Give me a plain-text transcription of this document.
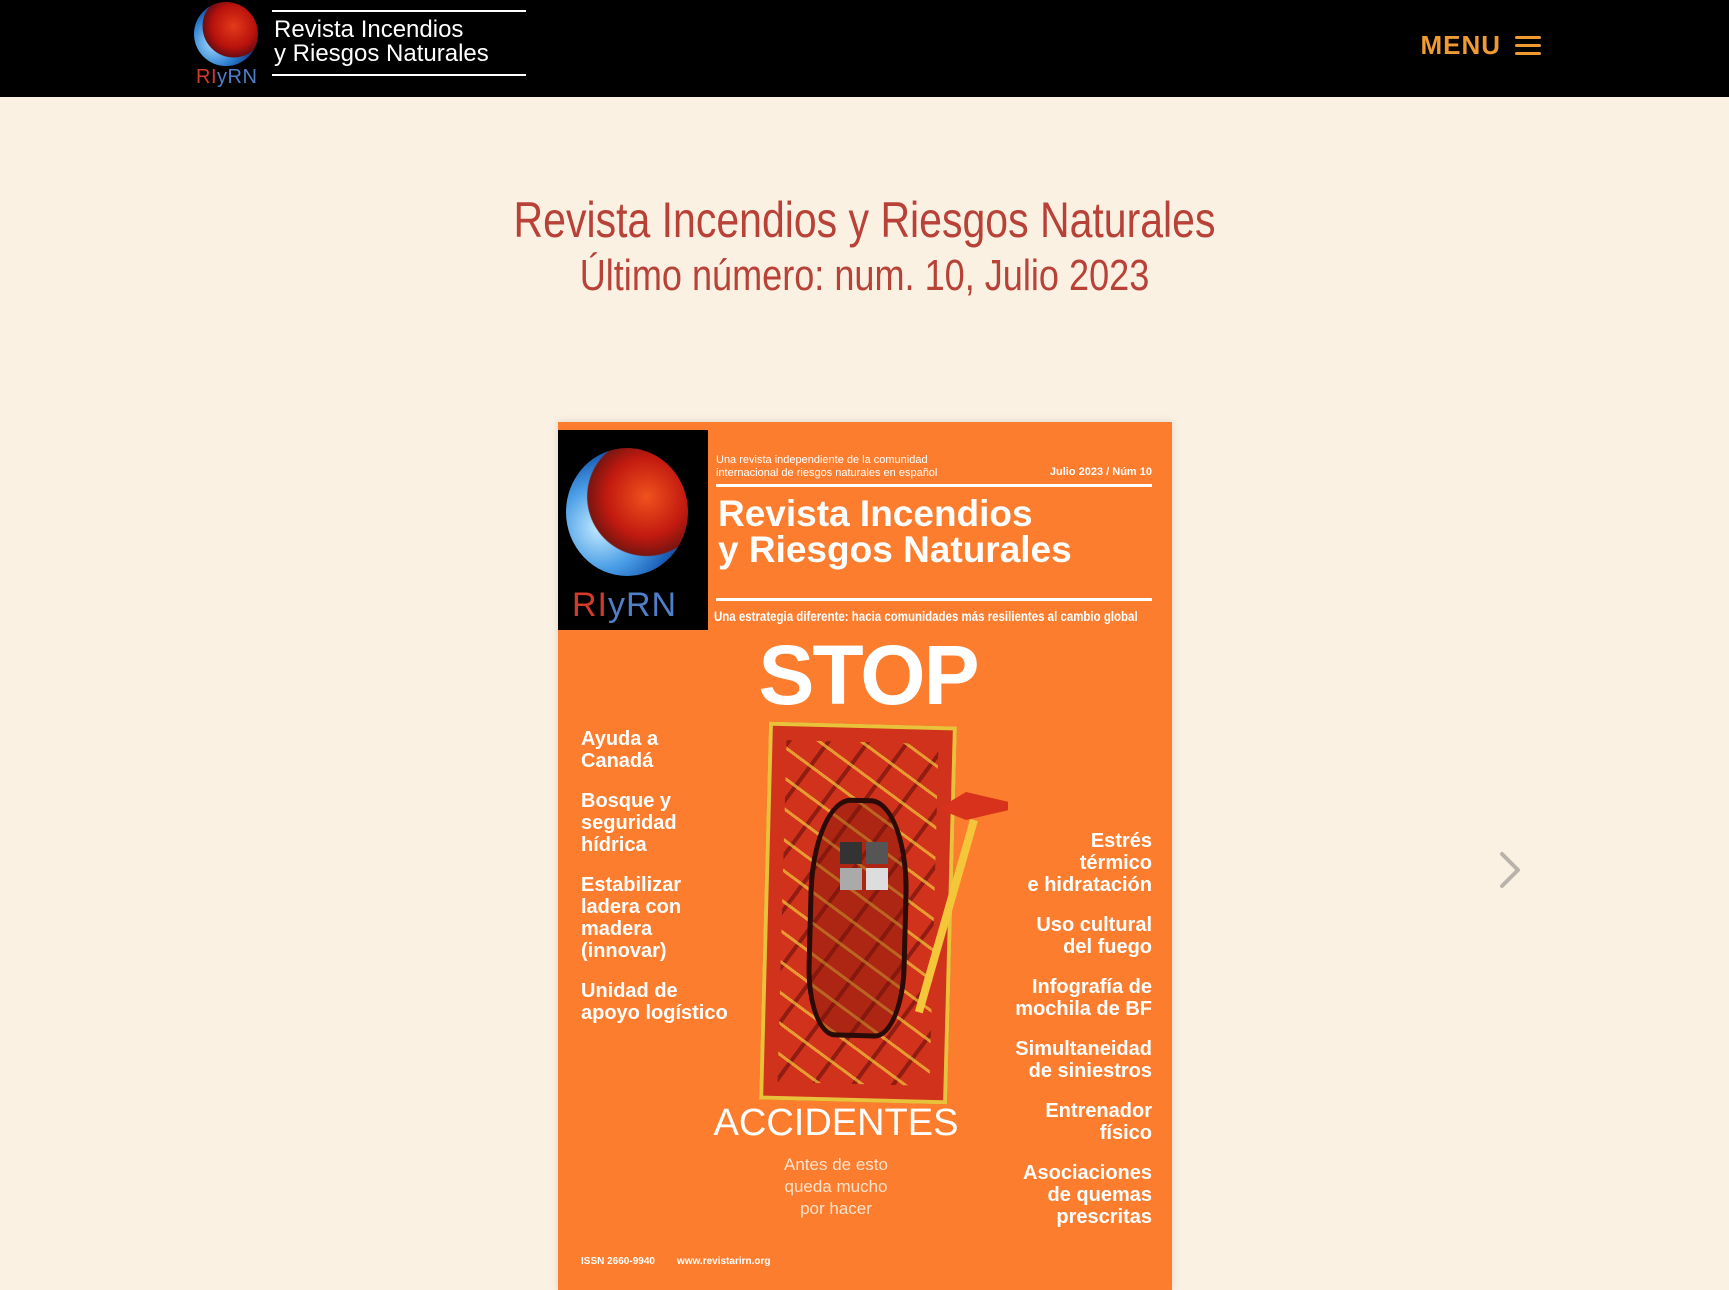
RIyRN
Revista Incendios
y Riesgos Naturales	MENU
Revista Incendios y Riesgos Naturales
Último número: num. 10, Julio 2023
RIyRN
Una revista independiente de la comunidad internacional de riesgos naturales en español	Julio 2023 / Núm 10
Revista Incendios
y Riesgos Naturales
Una estrategia diferente: hacia comunidades más resilientes al cambio global
STOP
Ayuda a
Canadá
Bosque y
seguridad
hídrica
Estabilizar
ladera con
madera
(innovar)
Unidad de
apoyo logístico
Estrés
térmico
e hidratación
Uso cultural
del fuego
Infografía de
mochila de BF
Simultaneidad
de siniestros
Entrenador
físico
Asociaciones
de quemas
prescritas
ACCIDENTES
Antes de esto
queda mucho
por hacer
ISSN 2660-9940 www.revistarirn.org
